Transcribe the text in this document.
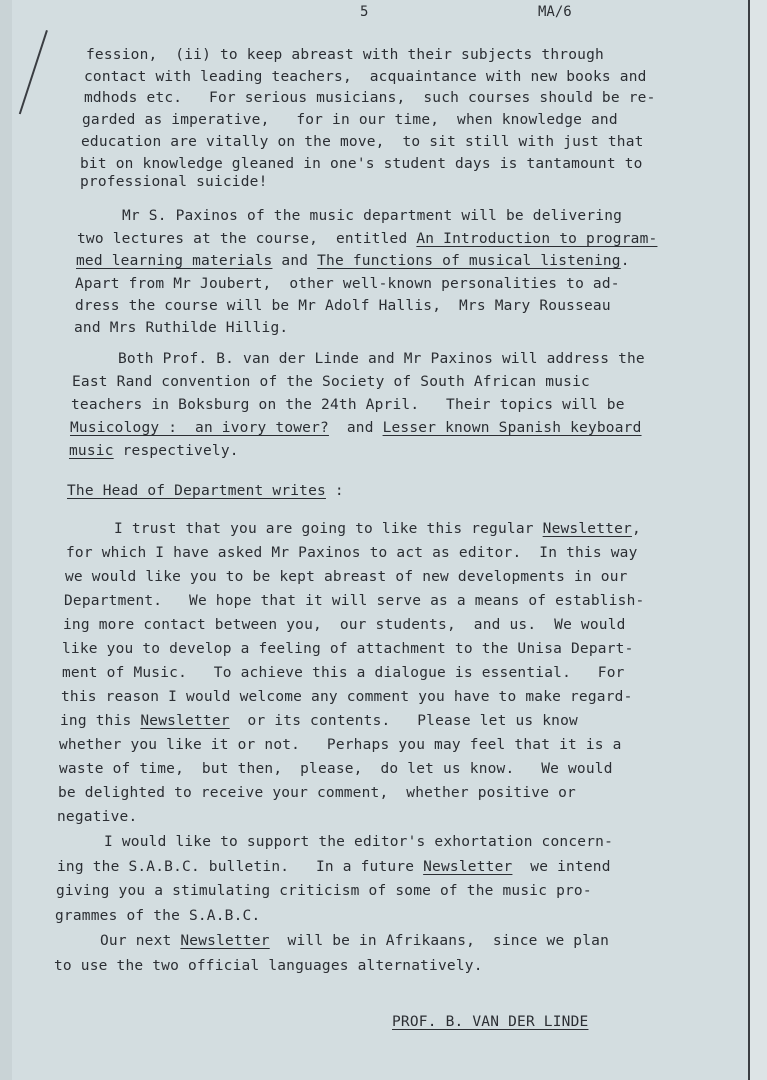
5	MA/6
fession,  (ii) to keep abreast with their subjects through
contact with leading teachers,  acquaintance with new books and
mdhods etc.   For serious musicians,  such courses should be re-
garded as imperative,   for in our time,  when knowledge and
education are vitally on the move,  to sit still with just that
bit on knowledge gleaned in one's student days is tantamount to
professional suicide!
Mr S. Paxinos of the music department will be delivering
two lectures at the course,  entitled An Introduction to program-
med learning materials and The functions of musical listening.
Apart from Mr Joubert,  other well-known personalities to ad-
dress the course will be Mr Adolf Hallis,  Mrs Mary Rousseau
and Mrs Ruthilde Hillig.
Both Prof. B. van der Linde and Mr Paxinos will address the
East Rand convention of the Society of South African music
teachers in Boksburg on the 24th April.   Their topics will be
Musicology :  an ivory tower?  and Lesser known Spanish keyboard
music respectively.
The Head of Department writes :
I trust that you are going to like this regular Newsletter,
for which I have asked Mr Paxinos to act as editor.  In this way
we would like you to be kept abreast of new developments in our
Department.   We hope that it will serve as a means of establish-
ing more contact between you,  our students,  and us.  We would
like you to develop a feeling of attachment to the Unisa Depart-
ment of Music.   To achieve this a dialogue is essential.   For
this reason I would welcome any comment you have to make regard-
ing this Newsletter  or its contents.   Please let us know
whether you like it or not.   Perhaps you may feel that it is a
waste of time,  but then,  please,  do let us know.   We would
be delighted to receive your comment,  whether positive or
negative.
I would like to support the editor's exhortation concern-
ing the S.A.B.C. bulletin.   In a future Newsletter  we intend
giving you a stimulating criticism of some of the music pro-
grammes of the S.A.B.C.
Our next Newsletter  will be in Afrikaans,  since we plan
to use the two official languages alternatively.
PROF. B. VAN DER LINDE
